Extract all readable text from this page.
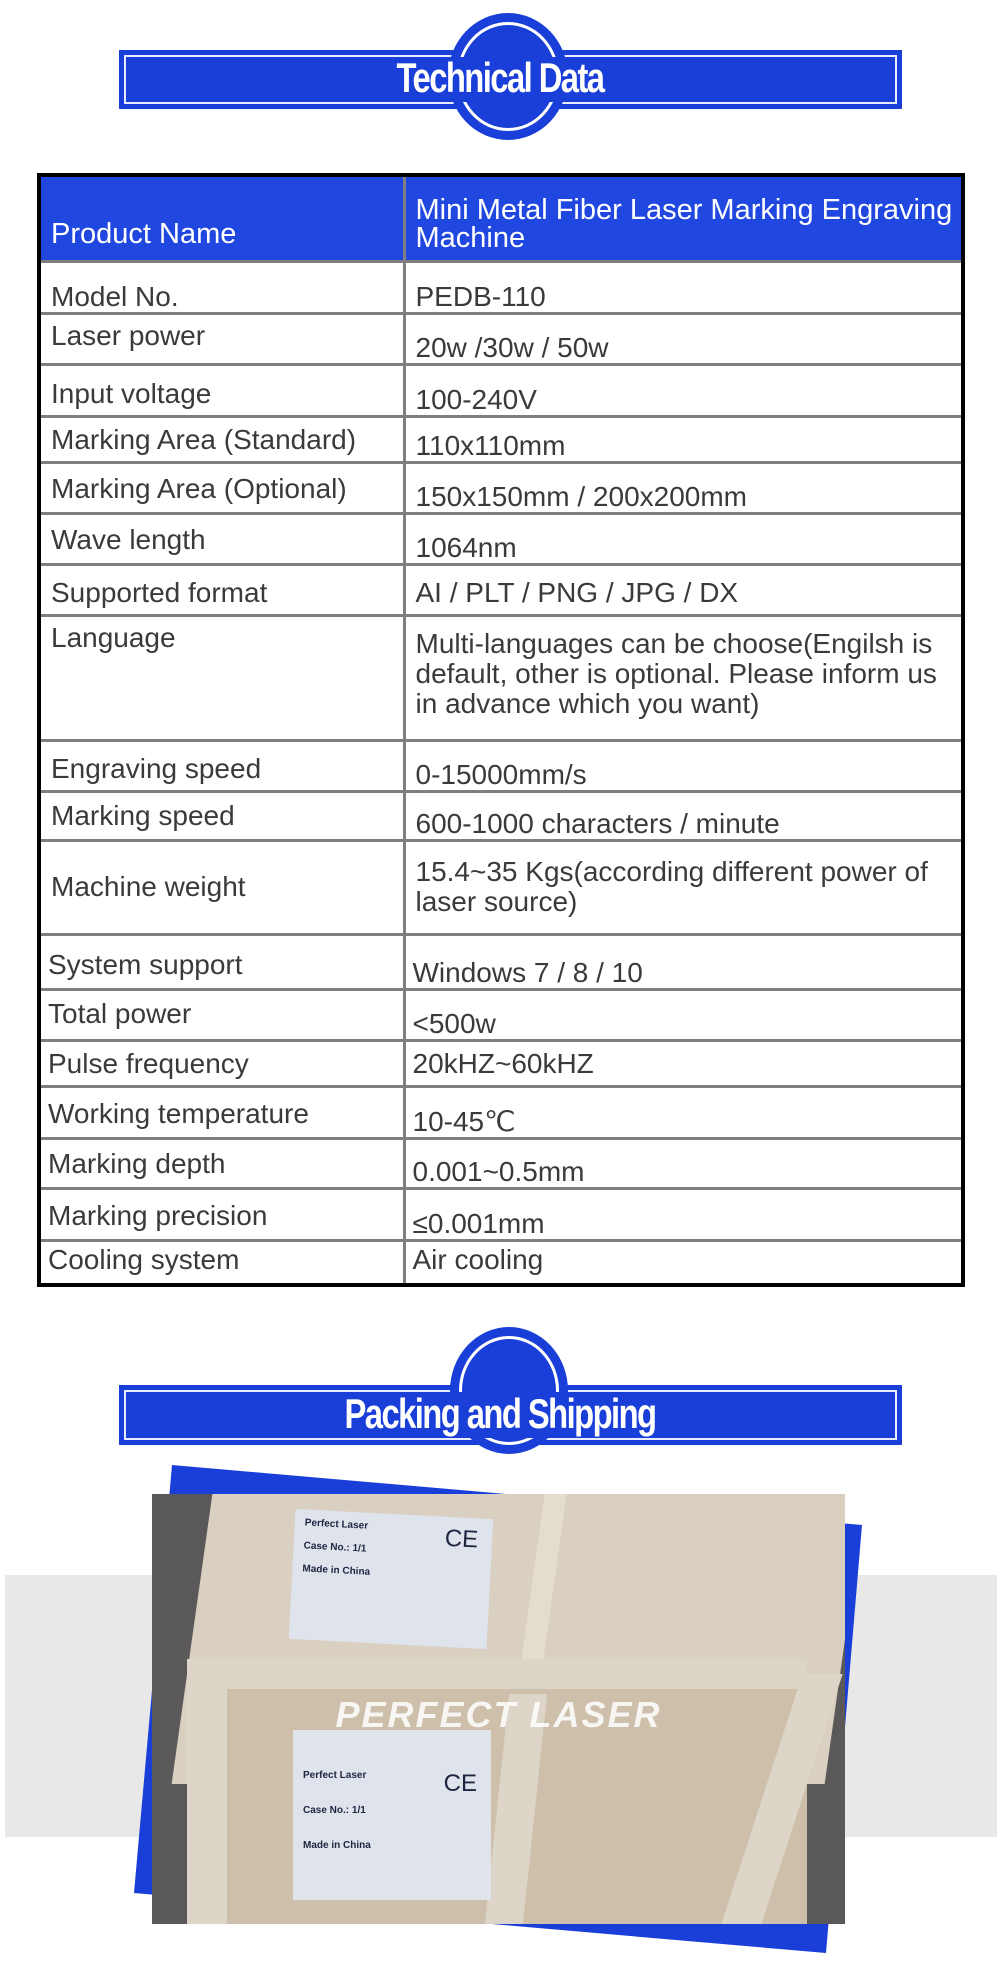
Technical Data
Product Name	Mini Metal Fiber Laser Marking Engraving Machine
Model No.	PEDB-110
Laser power	20w /30w / 50w
Input voltage	100-240V
Marking Area (Standard)	110x110mm
Marking Area (Optional)	150x150mm / 200x200mm
Wave length	1064nm
Supported format	AI / PLT / PNG / JPG / DX
Language	Multi-languages can be choose(Engilsh is default, other is optional. Please inform us in advance which you want)
Engraving speed	0-15000mm/s
Marking speed	600-1000 characters / minute
Machine weight	15.4~35 Kgs(according different power of laser source)
System support	Windows 7 / 8 / 10
Total power	<500w
Pulse frequency	20kHZ~60kHZ
Working temperature	10-45℃
Marking depth	0.001~0.5mm
Marking precision	≤0.001mm
Cooling system	Air cooling
Packing and Shipping
CE

Perfect Laser

Case No.: 1/1

Made in China

CE

Perfect Laser

Case No.: 1/1

Made in China

PERFECT LASER
